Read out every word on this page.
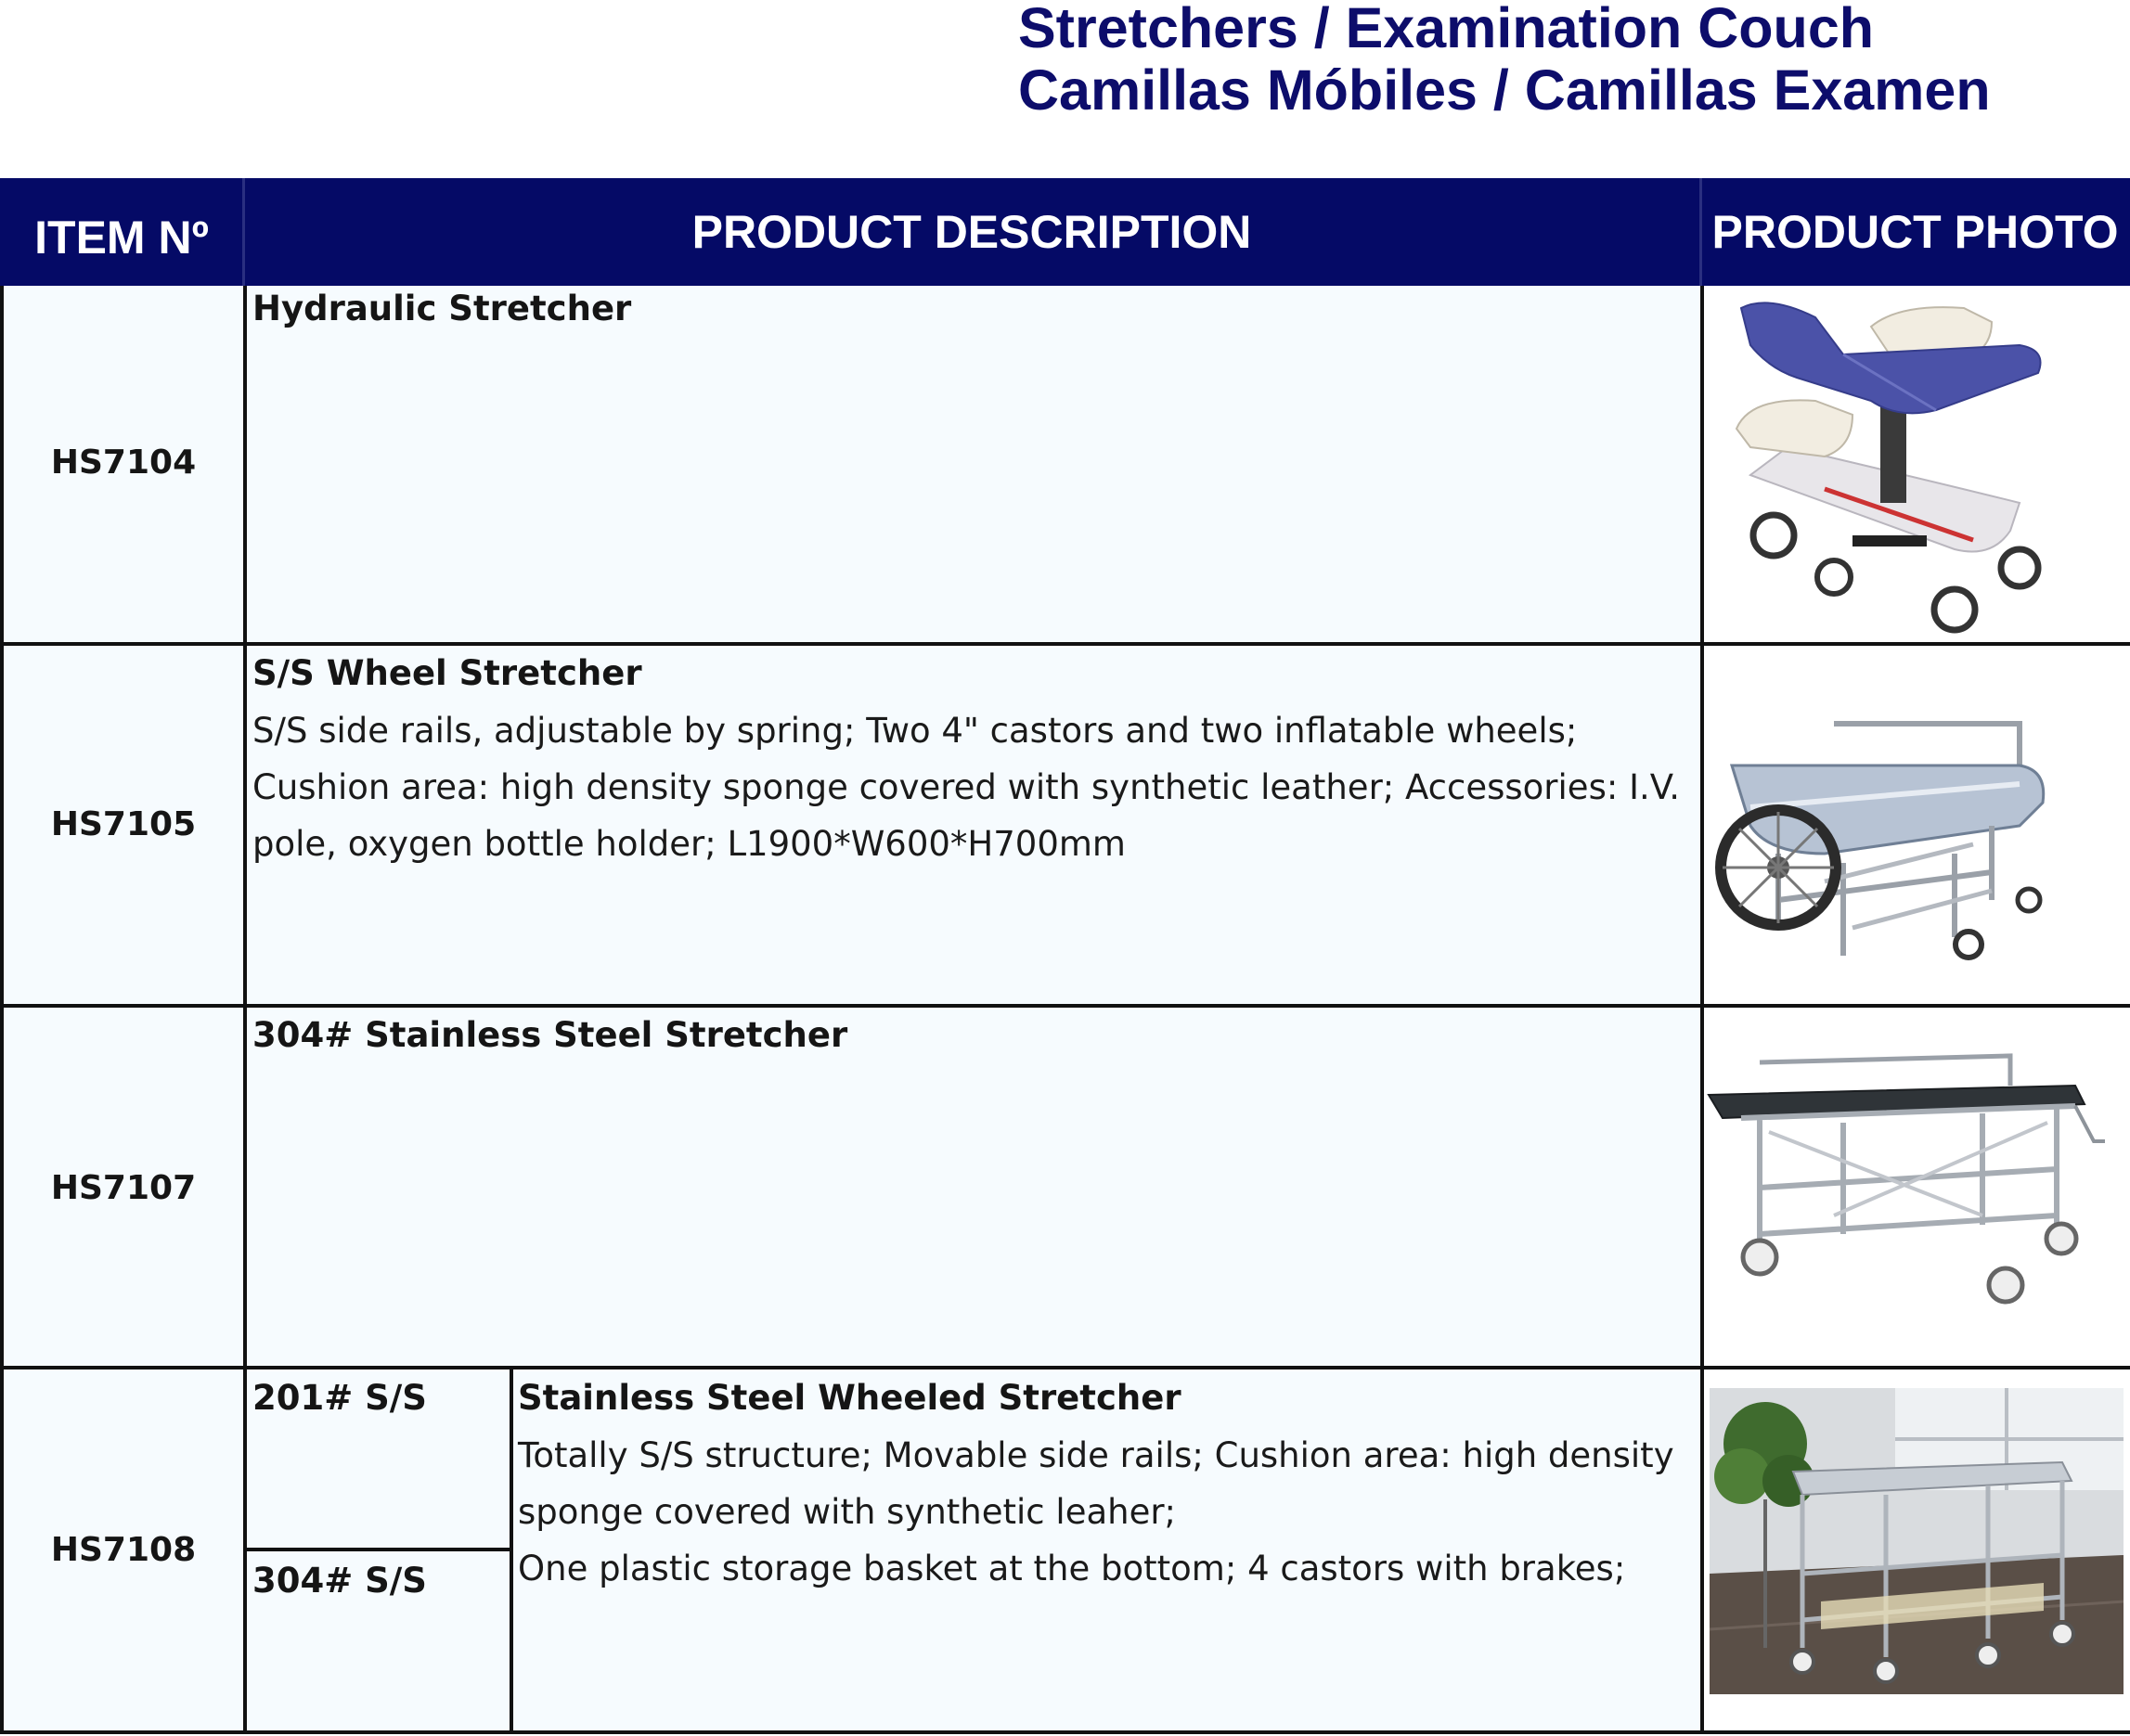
Stretchers / Examination Couch
Camillas Móbiles / Camillas Examen
ITEM Nº	PRODUCT DESCRIPTION	PRODUCT PHOTO
HS7104
Hydraulic Stretcher
HS7105
S/S Wheel Stretcher
S/S side rails, adjustable by spring; Two 4" castors and two inflatable wheels;
Cushion area: high density sponge covered with synthetic leather; Accessories: I.V.
pole, oxygen bottle holder; L1900*W600*H700mm
HS7107
304# Stainless Steel Stretcher
HS7108
201# S/S
304# S/S
Stainless Steel Wheeled Stretcher
Totally S/S structure; Movable side rails; Cushion area: high density
sponge covered with synthetic leaher;
One plastic storage basket at the bottom; 4 castors with brakes;
